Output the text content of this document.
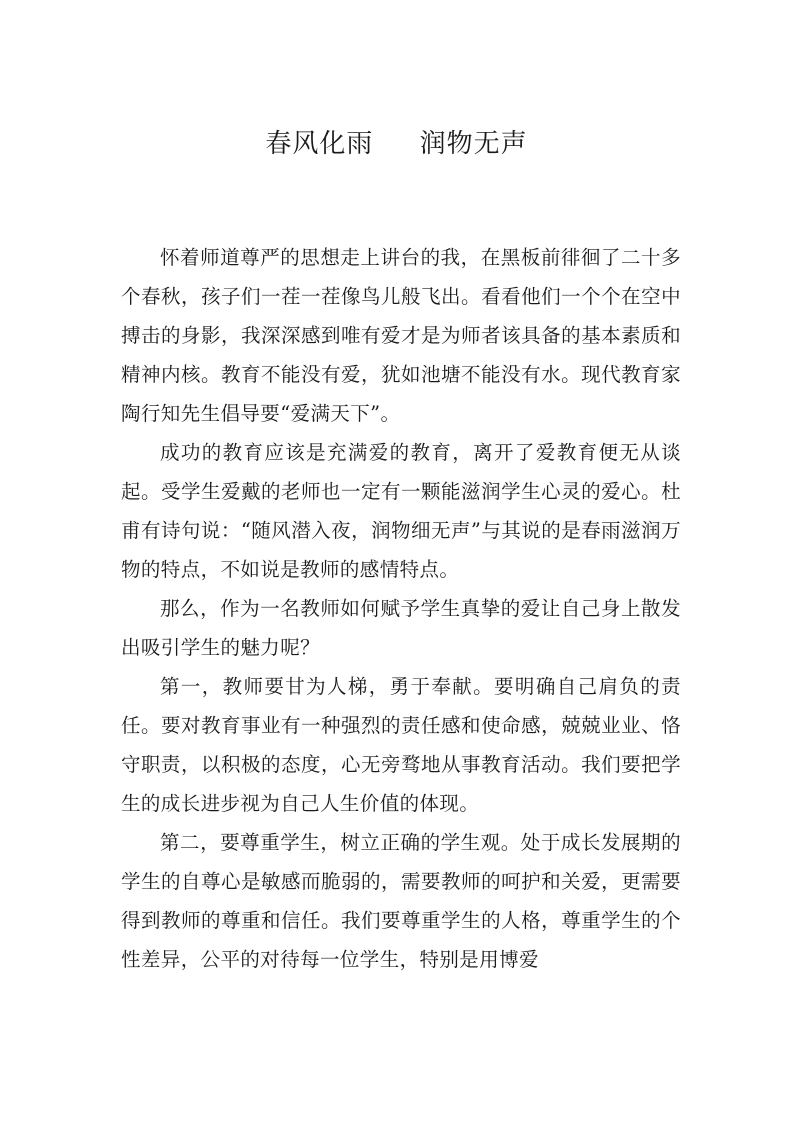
春风化雨     润物无声

怀着师道尊严的思想走上讲台的我，在黑板前徘徊了二十多个春秋，孩子们一茬一茬像鸟儿般飞出。看看他们一个个在空中搏击的身影，我深深感到唯有爱才是为师者该具备的基本素质和精神内核。教育不能没有爱，犹如池塘不能没有水。现代教育家陶行知先生倡导要“爱满天下”。

成功的教育应该是充满爱的教育，离开了爱教育便无从谈起。受学生爱戴的老师也一定有一颗能滋润学生心灵的爱心。杜甫有诗句说：“随风潜入夜，润物细无声”与其说的是春雨滋润万物的特点，不如说是教师的感情特点。

那么，作为一名教师如何赋予学生真挚的爱让自己身上散发出吸引学生的魅力呢？

第一，教师要甘为人梯，勇于奉献。要明确自己肩负的责任。要对教育事业有一种强烈的责任感和使命感，兢兢业业、恪守职责，以积极的态度，心无旁骛地从事教育活动。我们要把学生的成长进步视为自己人生价值的体现。

第二，要尊重学生，树立正确的学生观。处于成长发展期的学生的自尊心是敏感而脆弱的，需要教师的呵护和关爱，更需要得到教师的尊重和信任。我们要尊重学生的人格，尊重学生的个性差异，公平的对待每一位学生，特别是用博爱
